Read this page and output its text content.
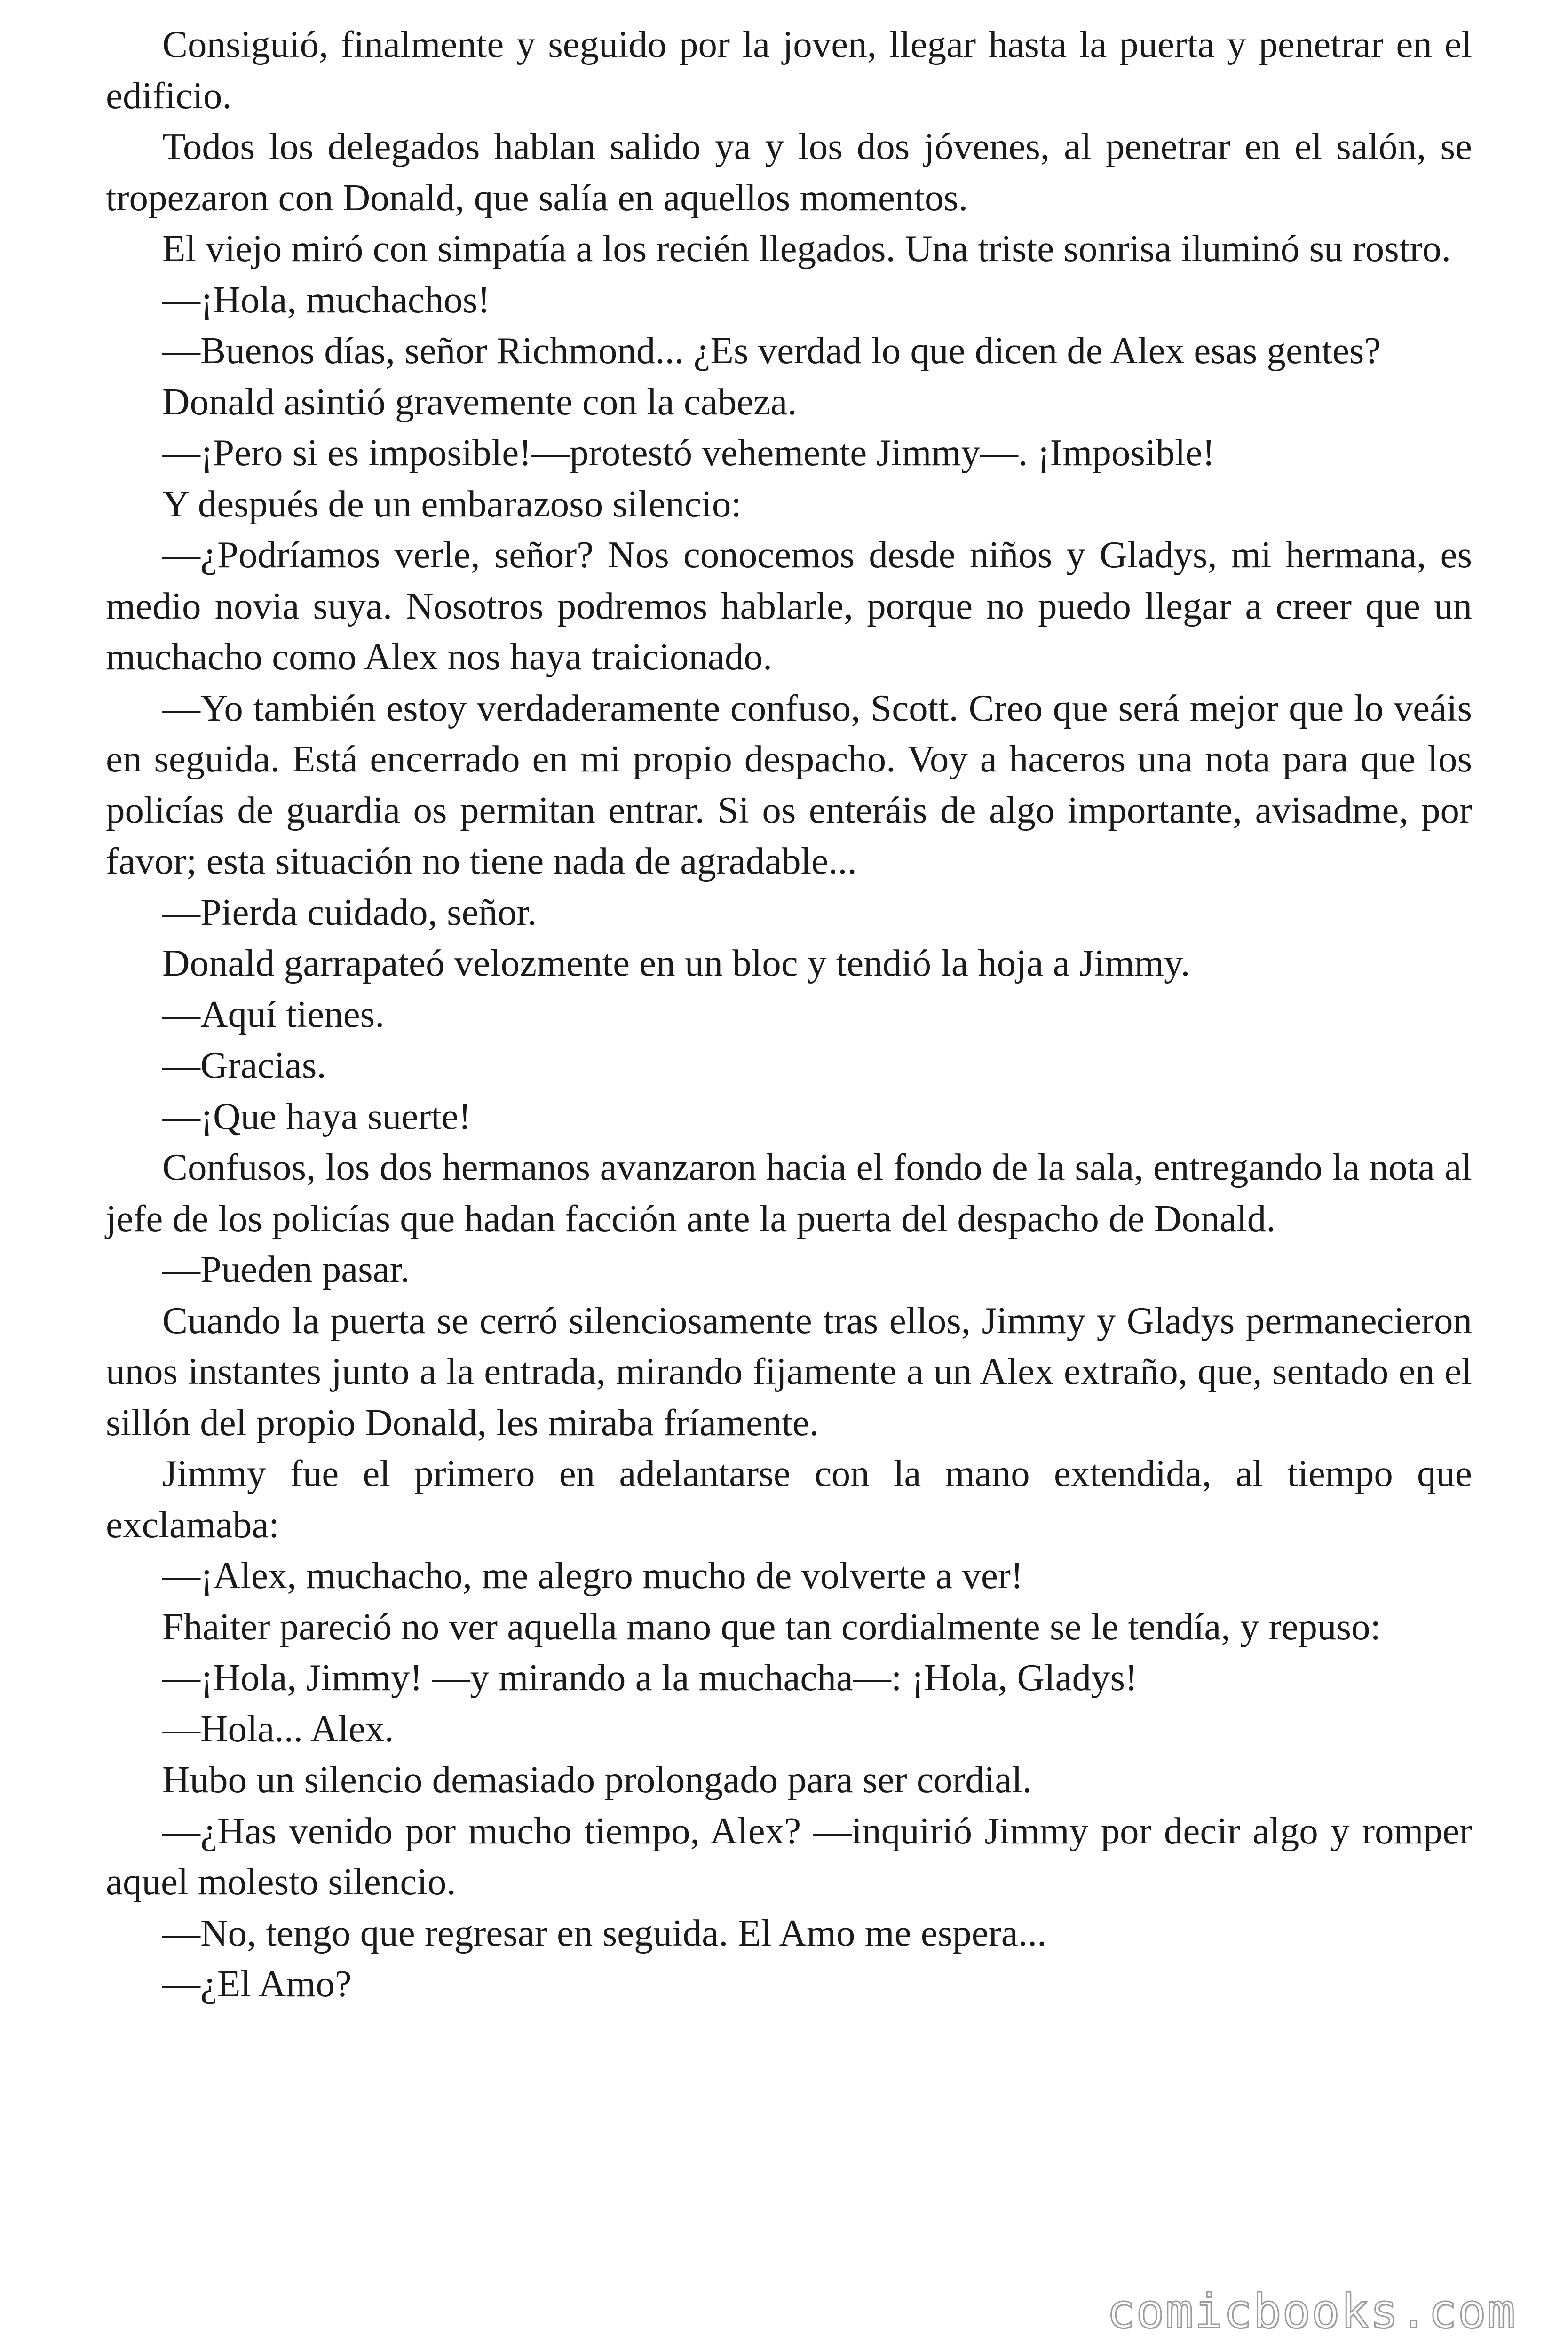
Consiguió, finalmente y seguido por la joven, llegar hasta la puerta y penetrar en el edificio.

Todos los delegados hablan salido ya y los dos jóvenes, al penetrar en el salón, se tropezaron con Donald, que salía en aquellos momentos.

El viejo miró con simpatía a los recién llegados. Una triste sonrisa iluminó su rostro.

—¡Hola, muchachos!

—Buenos días, señor Richmond... ¿Es verdad lo que dicen de Alex esas gentes?

Donald asintió gravemente con la cabeza.

—¡Pero si es imposible!—protestó vehemente Jimmy—. ¡Imposible!

Y después de un embarazoso silencio:

—¿Podríamos verle, señor? Nos conocemos desde niños y Gladys, mi hermana, es medio novia suya. Nosotros podremos hablarle, porque no puedo llegar a creer que un muchacho como Alex nos haya traicionado.

—Yo también estoy verdaderamente confuso, Scott. Creo que será mejor que lo veáis en seguida. Está encerrado en mi propio despacho. Voy a haceros una nota para que los policías de guardia os permitan entrar. Si os enteráis de algo importante, avisadme, por favor; esta situación no tiene nada de agradable...

—Pierda cuidado, señor.

Donald garrapateó velozmente en un bloc y tendió la hoja a Jimmy.

—Aquí tienes.

—Gracias.

—¡Que haya suerte!

Confusos, los dos hermanos avanzaron hacia el fondo de la sala, entregando la nota al jefe de los policías que hadan facción ante la puerta del despacho de Donald.

—Pueden pasar.

Cuando la puerta se cerró silenciosamente tras ellos, Jimmy y Gladys permanecieron unos instantes junto a la entrada, mirando fijamente a un Alex extraño, que, sentado en el sillón del propio Donald, les miraba fríamente.

Jimmy fue el primero en adelantarse con la mano extendida, al tiempo que exclamaba:

—¡Alex, muchacho, me alegro mucho de volverte a ver!

Fhaiter pareció no ver aquella mano que tan cordialmente se le tendía, y repuso:

—¡Hola, Jimmy! —y mirando a la muchacha—: ¡Hola, Gladys!

—Hola... Alex.

Hubo un silencio demasiado prolongado para ser cordial.

—¿Has venido por mucho tiempo, Alex? —inquirió Jimmy por decir algo y romper aquel molesto silencio.

—No, tengo que regresar en seguida. El Amo me espera...

—¿El Amo?

comicbooks.com
